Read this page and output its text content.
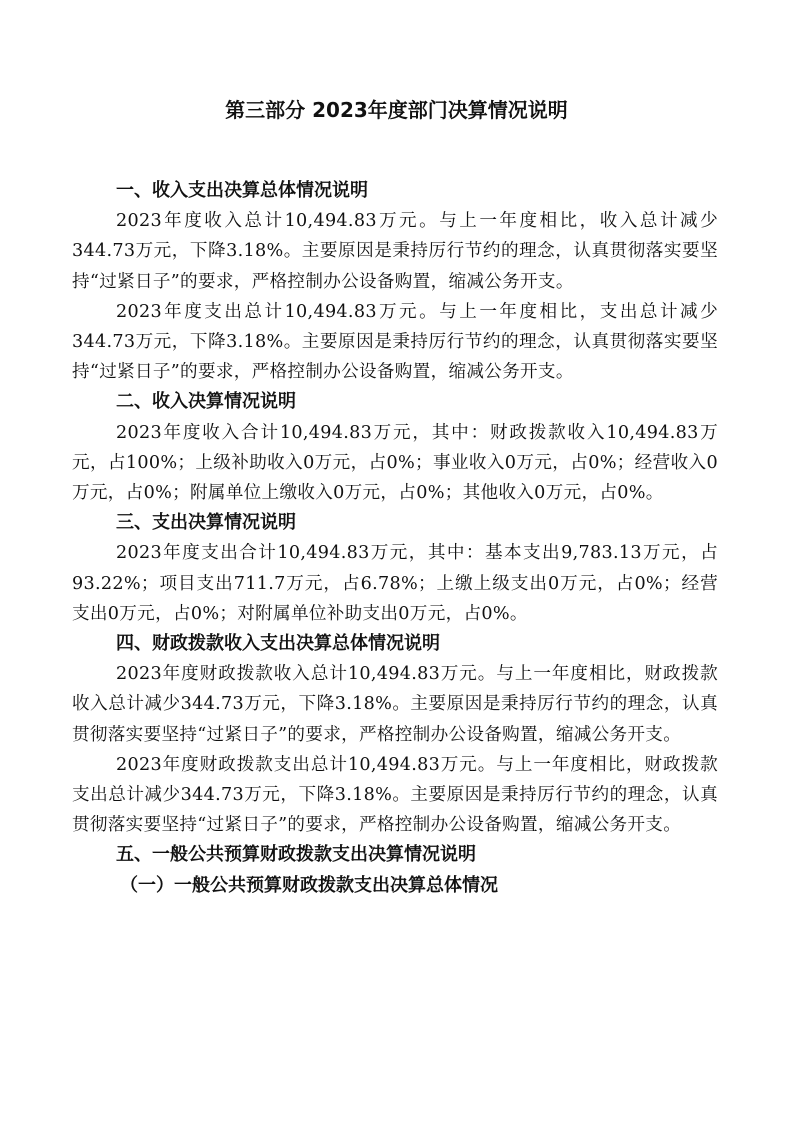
第三部分 2023年度部门决算情况说明
一、收入支出决算总体情况说明

2023年度收入总计10,494.83万元。与上一年度相比，收入总计减少344.73万元，下降3.18%。主要原因是秉持厉行节约的理念，认真贯彻落实要坚持“过紧日子”的要求，严格控制办公设备购置，缩减公务开支。

2023年度支出总计10,494.83万元。与上一年度相比，支出总计减少344.73万元，下降3.18%。主要原因是秉持厉行节约的理念，认真贯彻落实要坚持“过紧日子”的要求，严格控制办公设备购置，缩减公务开支。

二、收入决算情况说明

2023年度收入合计10,494.83万元，其中：财政拨款收入10,494.83万元，占100%；上级补助收入0万元，占0%；事业收入0万元，占0%；经营收入0万元，占0%；附属单位上缴收入0万元，占0%；其他收入0万元，占0%。

三、支出决算情况说明

2023年度支出合计10,494.83万元，其中：基本支出9,783.13万元，占93.22%；项目支出711.7万元，占6.78%；上缴上级支出0万元，占0%；经营支出0万元，占0%；对附属单位补助支出0万元，占0%。

四、财政拨款收入支出决算总体情况说明

2023年度财政拨款收入总计10,494.83万元。与上一年度相比，财政拨款收入总计减少344.73万元，下降3.18%。主要原因是秉持厉行节约的理念，认真贯彻落实要坚持“过紧日子”的要求，严格控制办公设备购置，缩减公务开支。

2023年度财政拨款支出总计10,494.83万元。与上一年度相比，财政拨款支出总计减少344.73万元，下降3.18%。主要原因是秉持厉行节约的理念，认真贯彻落实要坚持“过紧日子”的要求，严格控制办公设备购置，缩减公务开支。

五、一般公共预算财政拨款支出决算情况说明
（一）一般公共预算财政拨款支出决算总体情况
